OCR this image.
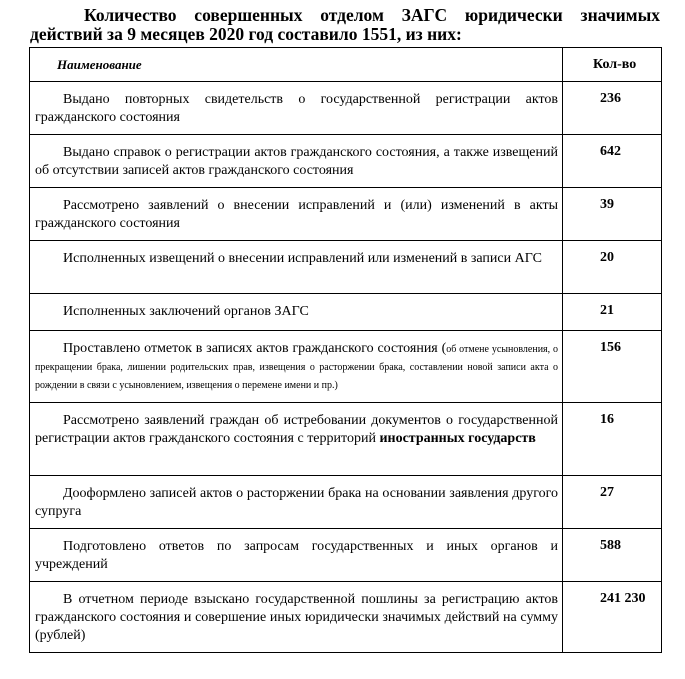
Количество совершенных отделом ЗАГС юридически значимых действий за 9 месяцев 2020 год составило 1551, из них:
Наименование	Кол-во

Выдано повторных свидетельств о государственной регистрации актов гражданского состояния	236

Выдано справок о регистрации актов гражданского состояния, а также извещений об отсутствии записей актов гражданского состояния	642

Рассмотрено заявлений о внесении исправлений и (или) изменений в акты гражданского состояния	39

Исполненных извещений о внесении исправлений или изменений в записи АГС	20

Исполненных заключений органов ЗАГС	21

Проставлено отметок в записях актов гражданского состояния (об отмене усыновления, о прекращении брака, лишении родительских прав, извещения о расторжении брака, составлении новой записи акта о рождении в связи с усыновлением, извещения о перемене имени и пр.)	156

Рассмотрено заявлений граждан об истребовании документов о государственной регистрации актов гражданского состояния с территорий иностранных государств	16

Дооформлено записей актов о расторжении брака на основании заявления другого супруга	27

Подготовлено ответов по запросам государственных и иных органов и учреждений	588

В отчетном периоде взыскано государственной пошлины за регистрацию актов гражданского состояния и совершение иных юридически значимых действий на сумму (рублей)	241 230
